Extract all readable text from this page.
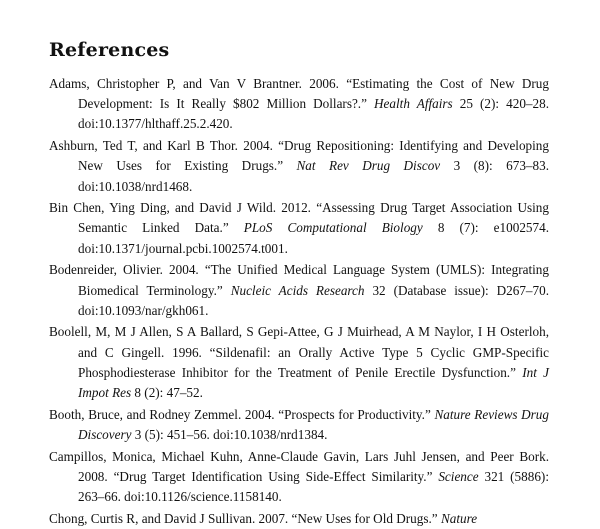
References
Adams, Christopher P, and Van V Brantner. 2006. “Estimating the Cost of New Drug Development: Is It Really $802 Million Dollars?.” Health Affairs 25 (2): 420–28. doi:10.1377/hlthaff.25.2.420.
Ashburn, Ted T, and Karl B Thor. 2004. “Drug Repositioning: Identifying and Developing New Uses for Existing Drugs.” Nat Rev Drug Discov 3 (8): 673–83. doi:10.1038/nrd1468.
Bin Chen, Ying Ding, and David J Wild. 2012. “Assessing Drug Target Association Using Semantic Linked Data.” PLoS Computational Biology 8 (7): e1002574. doi:10.1371/journal.pcbi.1002574.t001.
Bodenreider, Olivier. 2004. “The Unified Medical Language System (UMLS): Integrating Biomedical Terminology.” Nucleic Acids Research 32 (Database issue): D267–70. doi:10.1093/nar/gkh061.
Boolell, M, M J Allen, S A Ballard, S Gepi-Attee, G J Muirhead, A M Naylor, I H Osterloh, and C Gingell. 1996. “Sildenafil: an Orally Active Type 5 Cyclic GMP-Specific Phosphodiesterase Inhibitor for the Treatment of Penile Erectile Dysfunction.” Int J Impot Res 8 (2): 47–52.
Booth, Bruce, and Rodney Zemmel. 2004. “Prospects for Productivity.” Nature Reviews Drug Discovery 3 (5): 451–56. doi:10.1038/nrd1384.
Campillos, Monica, Michael Kuhn, Anne-Claude Gavin, Lars Juhl Jensen, and Peer Bork. 2008. “Drug Target Identification Using Side-Effect Similarity.” Science 321 (5886): 263–66. doi:10.1126/science.1158140.
Chong, Curtis R, and David J Sullivan. 2007. “New Uses for Old Drugs.” Nature
